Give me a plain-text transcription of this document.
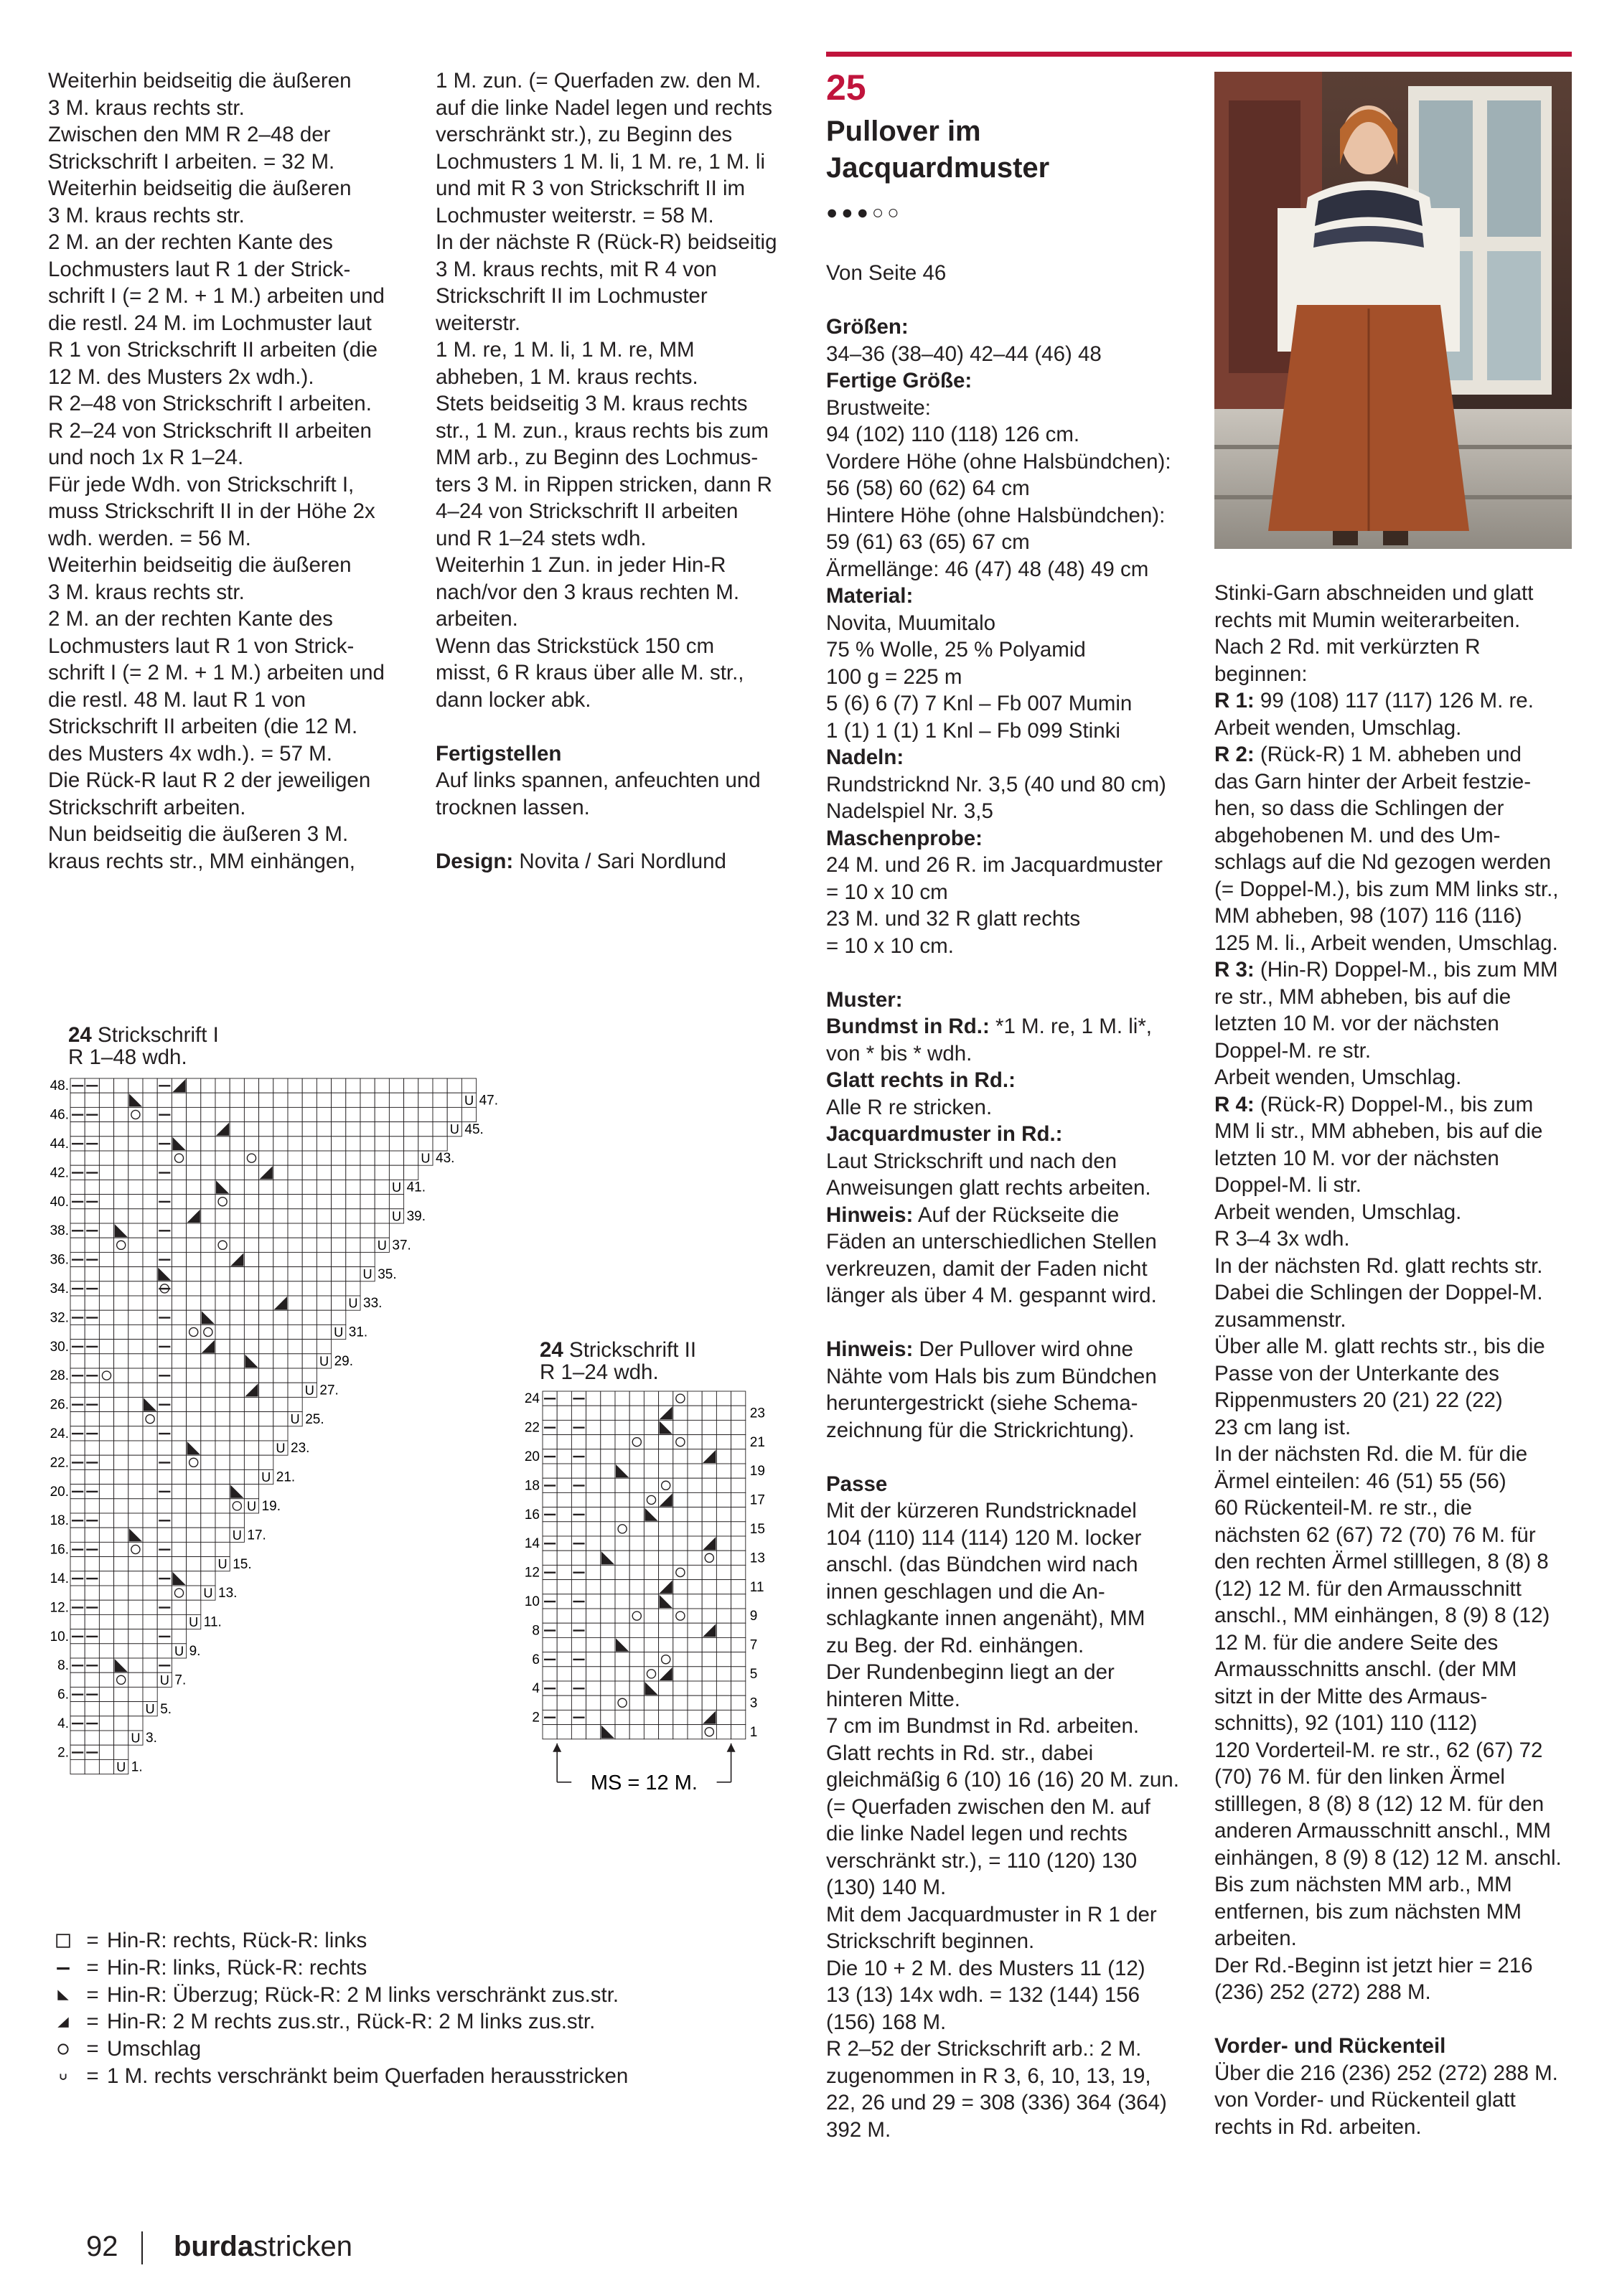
Weiterhin beidseitig die äußeren

3 M. kraus rechts str.

Zwischen den MM R 2–48 der

Strickschrift I arbeiten. = 32 M.

Weiterhin beidseitig die äußeren

3 M. kraus rechts str.

2 M. an der rechten Kante des

Lochmusters laut R 1 der Strick-

schrift I (= 2 M. + 1 M.) arbeiten und

die restl. 24 M. im Lochmuster laut

R 1 von Strickschrift II arbeiten (die

12 M. des Musters 2x wdh.).

R 2–48 von Strickschrift I arbeiten.

R 2–24 von Strickschrift II arbeiten

und noch 1x R 1–24.

Für jede Wdh. von Strickschrift I,

muss Strickschrift II in der Höhe 2x

wdh. werden. = 56 M.

Weiterhin beidseitig die äußeren

3 M. kraus rechts str.

2 M. an der rechten Kante des

Lochmusters laut R 1 von Strick-

schrift I (= 2 M. + 1 M.) arbeiten und

die restl. 48 M. laut R 1 von

Strickschrift II arbeiten (die 12 M.

des Musters 4x wdh.). = 57 M.

Die Rück-R laut R 2 der jeweiligen

Strickschrift arbeiten.

Nun beidseitig die äußeren 3 M.

kraus rechts str., MM einhängen,

1 M. zun. (= Querfaden zw. den M.

auf die linke Nadel legen und rechts

verschränkt str.), zu Beginn des

Lochmusters 1 M. li, 1 M. re, 1 M. li

und mit R 3 von Strickschrift II im

Lochmuster weiterstr. = 58 M.

In der nächste R (Rück-R) beidseitig

3 M. kraus rechts, mit R 4 von

Strickschrift II im Lochmuster

weiterstr.

1 M. re, 1 M. li, 1 M. re, MM

abheben, 1 M. kraus rechts.

Stets beidseitig 3 M. kraus rechts

str., 1 M. zun., kraus rechts bis zum

MM arb., zu Beginn des Lochmus-

ters 3 M. in Rippen stricken, dann R

4–24 von Strickschrift II arbeiten

und R 1–24 stets wdh.

Weiterhin 1 Zun. in jeder Hin-R

nach/vor den 3 kraus rechten M.

arbeiten.

Wenn das Strickstück 150 cm

misst, 6 R kraus über alle M. str.,

dann locker abk.

Fertigstellen

Auf links spannen, anfeuchten und

trocknen lassen.

Design: Novita / Sari Nordlund

25
Pullover im
Jacquardmuster
●●●○○

Von Seite 46

Größen:

34–36 (38–40) 42–44 (46) 48

Fertige Größe:

Brustweite:

94 (102) 110 (118) 126 cm.

Vordere Höhe (ohne Halsbündchen):

56 (58) 60 (62) 64 cm

Hintere Höhe (ohne Halsbündchen):

59 (61) 63 (65) 67 cm

Ärmellänge: 46 (47) 48 (48) 49 cm

Material:

Novita, Muumitalo

75 % Wolle, 25 % Polyamid

100 g = 225 m

5 (6) 6 (7) 7 Knl – Fb 007 Mumin

1 (1) 1 (1) 1 Knl – Fb 099 Stinki

Nadeln:

Rundstricknd Nr. 3,5 (40 und 80 cm)

Nadelspiel Nr. 3,5

Maschenprobe:

24 M. und 26 R. im Jacquardmuster

= 10 x 10 cm

23 M. und 32 R glatt rechts

= 10 x 10 cm.

Muster:

Bundmst in Rd.: *1 M. re, 1 M. li*,

von * bis * wdh.

Glatt rechts in Rd.:

Alle R re stricken.

Jacquardmuster in Rd.:

Laut Strickschrift und nach den

Anweisungen glatt rechts arbeiten.

Hinweis: Auf der Rückseite die

Fäden an unterschiedlichen Stellen

verkreuzen, damit der Faden nicht

länger als über 4 M. gespannt wird.

Hinweis: Der Pullover wird ohne

Nähte vom Hals bis zum Bündchen

heruntergestrickt (siehe Schema-

zeichnung für die Strickrichtung).

Passe

Mit der kürzeren Rundstricknadel

104 (110) 114 (114) 120 M. locker

anschl. (das Bündchen wird nach

innen geschlagen und die An-

schlagkante innen angenäht), MM

zu Beg. der Rd. einhängen.

Der Rundenbeginn liegt an der

hinteren Mitte.

7 cm im Bundmst in Rd. arbeiten.

Glatt rechts in Rd. str., dabei

gleichmäßig 6 (10) 16 (16) 20 M. zun.

(= Querfaden zwischen den M. auf

die linke Nadel legen und rechts

verschränkt str.), = 110 (120) 130

(130) 140 M.

Mit dem Jacquardmuster in R 1 der

Strickschrift beginnen.

Die 10 + 2 M. des Musters 11 (12)

13 (13) 14x wdh. = 132 (144) 156

(156) 168 M.

R 2–52 der Strickschrift arb.: 2 M.

zugenommen in R 3, 6, 10, 13, 19,

22, 26 und 29 = 308 (336) 364 (364)

392 M.

Stinki-Garn abschneiden und glatt

rechts mit Mumin weiterarbeiten.

Nach 2 Rd. mit verkürzten R

beginnen:

R 1: 99 (108) 117 (117) 126 M. re.

Arbeit wenden, Umschlag.

R 2: (Rück-R) 1 M. abheben und

das Garn hinter der Arbeit festzie-

hen, so dass die Schlingen der

abgehobenen M. und des Um-

schlags auf die Nd gezogen werden

(= Doppel-M.), bis zum MM links str.,

MM abheben, 98 (107) 116 (116)

125 M. li., Arbeit wenden, Umschlag.

R 3: (Hin-R) Doppel-M., bis zum MM

re str., MM abheben, bis auf die

letzten 10 M. vor der nächsten

Doppel-M. re str.

Arbeit wenden, Umschlag.

R 4: (Rück-R) Doppel-M., bis zum

MM li str., MM abheben, bis auf die

letzten 10 M. vor der nächsten

Doppel-M. li str.

Arbeit wenden, Umschlag.

R 3–4 3x wdh.

In der nächsten Rd. glatt rechts str.

Dabei die Schlingen der Doppel-M.

zusammenstr.

Über alle M. glatt rechts str., bis die

Passe von der Unterkante des

Rippenmusters 20 (21) 22 (22)

23 cm lang ist.

In der nächsten Rd. die M. für die

Ärmel einteilen: 46 (51) 55 (56)

60 Rückenteil-M. re str., die

nächsten 62 (67) 72 (70) 76 M. für

den rechten Ärmel stilllegen, 8 (8) 8

(12) 12 M. für den Armausschnitt

anschl., MM einhängen, 8 (9) 8 (12)

12 M. für die andere Seite des

Armausschnitts anschl. (der MM

sitzt in der Mitte des Armaus-

schnitts), 92 (101) 110 (112)

120 Vorderteil-M. re str., 62 (67) 72

(70) 76 M. für den linken Ärmel

stilllegen, 8 (8) 8 (12) 12 M. für den

anderen Armausschnitt anschl., MM

einhängen, 8 (9) 8 (12) 12 M. anschl.

Bis zum nächsten MM arb., MM

entfernen, bis zum nächsten MM

arbeiten.

Der Rd.-Beginn ist jetzt hier = 216

(236) 252 (272) 288 M.

Vorder- und Rückenteil

Über die 216 (236) 252 (272) 288 M.

von Vorder- und Rückenteil glatt

rechts in Rd. arbeiten.

24 Strickschrift I
R 1–48 wdh.
48.
U 47.
46.
U 45.
44.
U 43.
42.
U 41.
40.
U 39.
38.
U 37.
36.
U 35.
34.
U 33.
32.
U 31.
30.
U 29.
28.
U 27.
26.
U 25.
24.
U 23.
22.
U 21.
20.
U 19.
18.
U 17.
16.
U 15.
14.
U 13.
12.
U 11.
10.
U 9.
8.
U 7.
6.
U 5.
4.
U 3.
2.
U 1.
24 Strickschrift II
R 1–24 wdh.
24
23
22
21
20
19
18
17
16
15
14
13
12
11
10
9
8
7
6
5
4
3
2
1
MS = 12 M.
= Hin-R: rechts, Rück-R: links
= Hin-R: links, Rück-R: rechts
= Hin-R: Überzug; Rück-R: 2 M links verschränkt zus.str.
= Hin-R: 2 M rechts zus.str., Rück-R: 2 M links zus.str.
= Umschlag
= 1 M. rechts verschränkt beim Querfaden herausstricken
92 burdastricken
